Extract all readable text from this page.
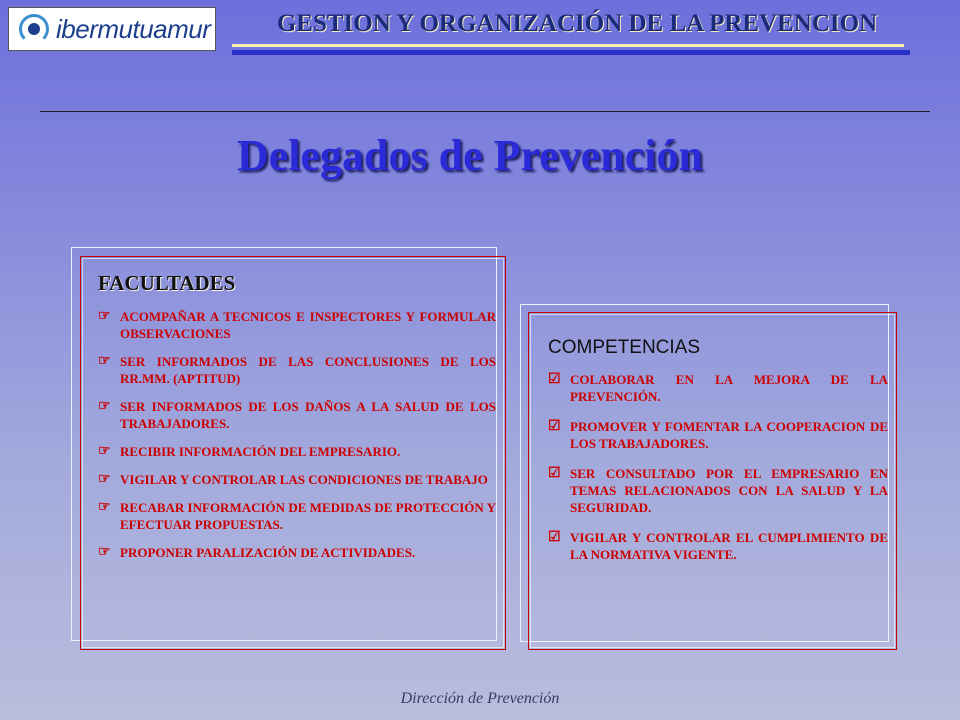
ibermutuamur	GESTION Y ORGANIZACIÓN DE LA PREVENCION
Delegados de Prevención
FACULTADES
☞ ACOMPAÑAR A TECNICOS E INSPECTORES Y FORMULAR OBSERVACIONES
☞ SER INFORMADOS DE LAS CONCLUSIONES DE LOS RR.MM. (APTITUD)
☞ SER INFORMADOS DE LOS DAÑOS A LA SALUD DE LOS TRABAJADORES.
☞ RECIBIR INFORMACIÓN DEL EMPRESARIO.
☞ VIGILAR Y CONTROLAR LAS CONDICIONES DE TRABAJO
☞ RECABAR INFORMACIÓN DE MEDIDAS DE PROTECCIÓN Y EFECTUAR PROPUESTAS.
☞ PROPONER PARALIZACIÓN DE ACTIVIDADES.
COMPETENCIAS
☑ COLABORAR EN LA MEJORA DE LA PREVENCIÓN.
☑ PROMOVER Y FOMENTAR LA COOPERACION DE LOS TRABAJADORES.
☑ SER CONSULTADO POR EL EMPRESARIO EN TEMAS RELACIONADOS CON LA SALUD Y LA SEGURIDAD.
☑ VIGILAR Y CONTROLAR EL CUMPLIMIENTO DE LA NORMATIVA VIGENTE.
Dirección de Prevención
